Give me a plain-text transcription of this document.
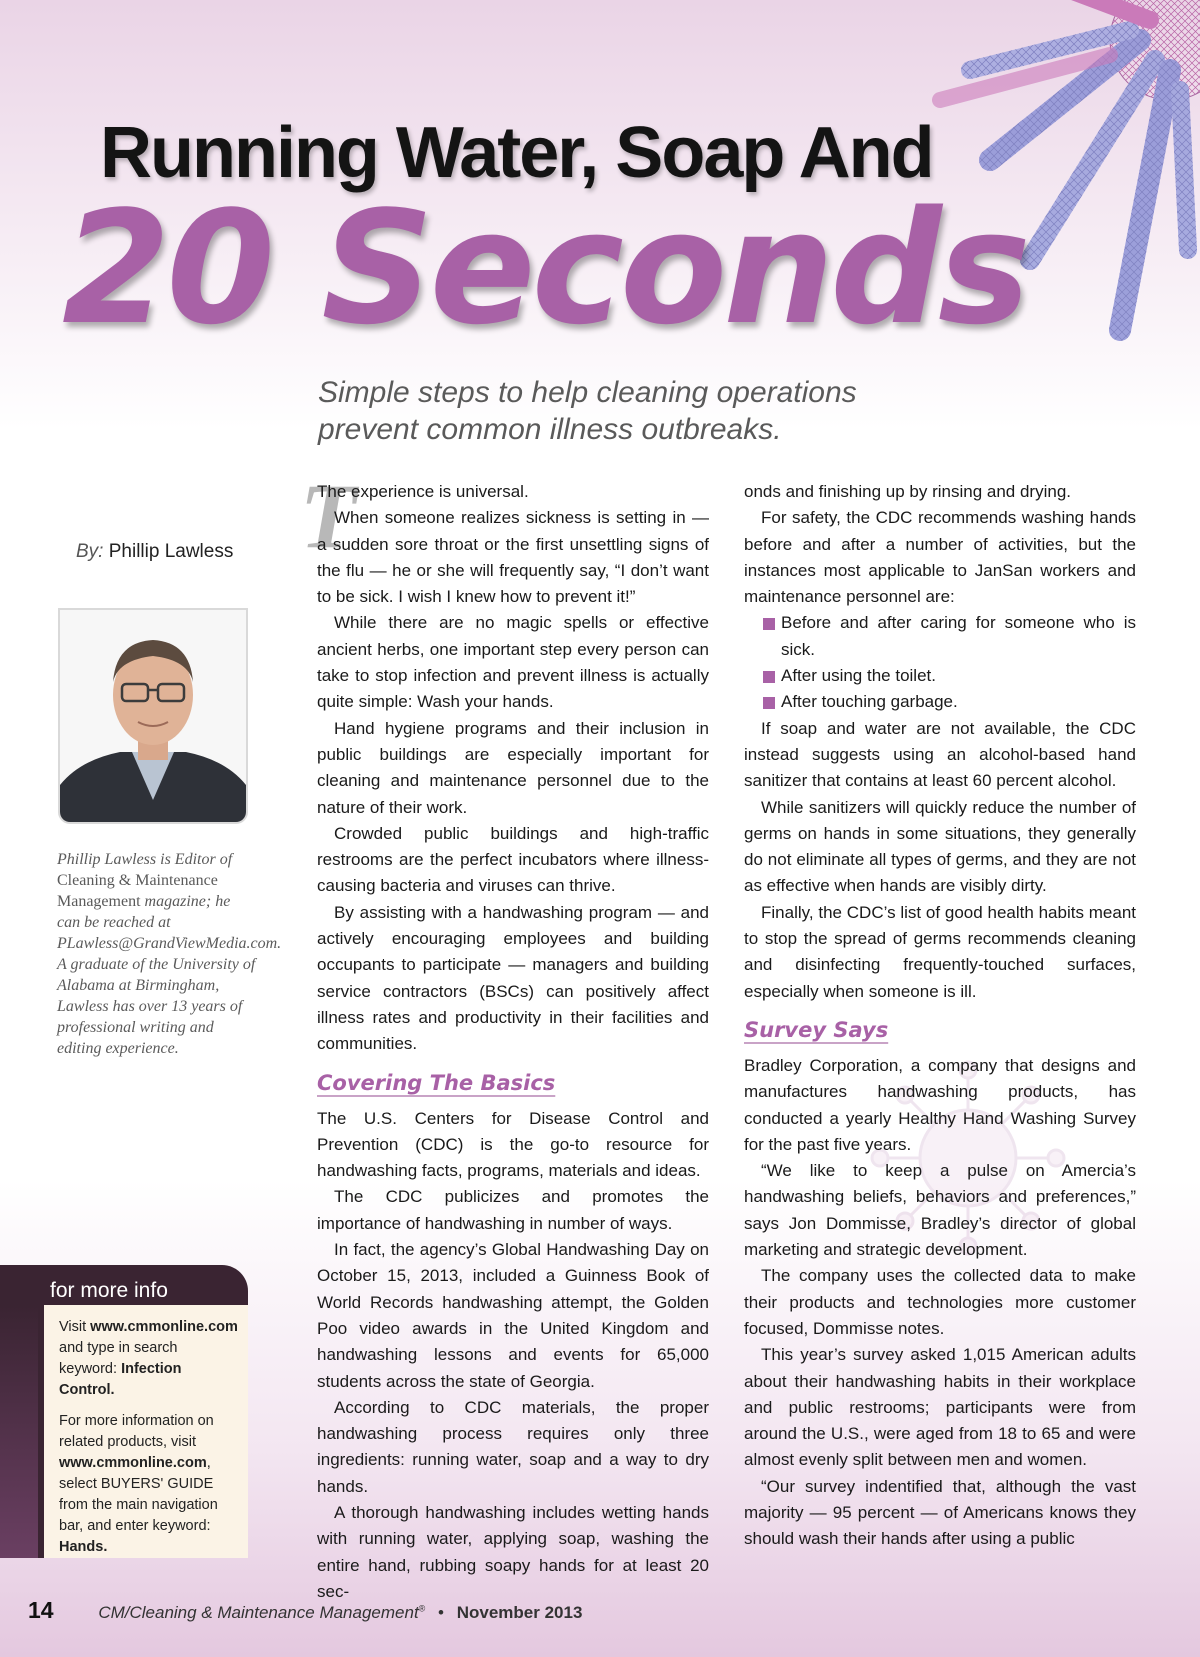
Running Water, Soap And
20 Seconds

Simple steps to help cleaning operations prevent common illness outbreaks.

By: Phillip Lawless

Phillip Lawless is Editor of Cleaning & Maintenance Management magazine; he can be reached at PLawless@GrandViewMedia.com. A graduate of the University of Alabama at Birmingham, Lawless has over 13 years of professional writing and editing experience.

for more info

Visit www.cmmonline.com and type in search keyword: Infection Control.

For more information on related products, visit www.cmmonline.com, select BUYERS' GUIDE from the main navigation bar, and enter keyword: Hands.

T

The experience is universal.

When someone realizes sickness is setting in — a sudden sore throat or the first unsettling signs of the flu — he or she will frequently say, “I don’t want to be sick. I wish I knew how to prevent it!”

While there are no magic spells or effective ancient herbs, one important step every person can take to stop infection and prevent illness is actually quite simple: Wash your hands.

Hand hygiene programs and their inclusion in public buildings are especially important for cleaning and maintenance personnel due to the nature of their work.

Crowded public buildings and high-traffic restrooms are the perfect incubators where illness-causing bacteria and viruses can thrive.

By assisting with a handwashing program — and actively encouraging employees and building occupants to participate — managers and building service contractors (BSCs) can positively affect illness rates and productivity in their facilities and communities.

Covering The Basics

The U.S. Centers for Disease Control and Prevention (CDC) is the go-to resource for handwashing facts, programs, materials and ideas.

The CDC publicizes and promotes the importance of handwashing in number of ways.

In fact, the agency’s Global Handwashing Day on October 15, 2013, included a Guinness Book of World Records handwashing attempt, the Golden Poo video awards in the United Kingdom and handwashing lessons and events for 65,000 students across the state of Georgia.

According to CDC materials, the proper handwashing process requires only three ingredients: running water, soap and a way to dry hands.

A thorough handwashing includes wetting hands with running water, applying soap, washing the entire hand, rubbing soapy hands for at least 20 sec-

onds and finishing up by rinsing and drying.

For safety, the CDC recommends washing hands before and after a number of activities, but the instances most applicable to JanSan workers and maintenance personnel are:

Before and after caring for someone who is sick.
After using the toilet.
After touching garbage.

If soap and water are not available, the CDC instead suggests using an alcohol-based hand sanitizer that contains at least 60 percent alcohol.

While sanitizers will quickly reduce the number of germs on hands in some situations, they generally do not eliminate all types of germs, and they are not as effective when hands are visibly dirty.

Finally, the CDC’s list of good health habits meant to stop the spread of germs recommends cleaning and disinfecting frequently-touched surfaces, especially when someone is ill.

Survey Says

Bradley Corporation, a company that designs and manufactures handwashing products, has conducted a yearly Healthy Hand Washing Survey for the past five years.

“We like to keep a pulse on Amercia’s handwashing beliefs, behaviors and preferences,” says Jon Dommisse, Bradley’s director of global marketing and strategic development.

The company uses the collected data to make their products and technologies more customer focused, Dommisse notes.

This year’s survey asked 1,015 American adults about their handwashing habits in their workplace and public restrooms; participants were from around the U.S., were aged from 18 to 65 and were almost evenly split between men and women.

“Our survey indentified that, although the vast majority — 95 percent — of Americans knows they should wash their hands after using a public

14	CM/Cleaning & Maintenance Management® • November 2013
